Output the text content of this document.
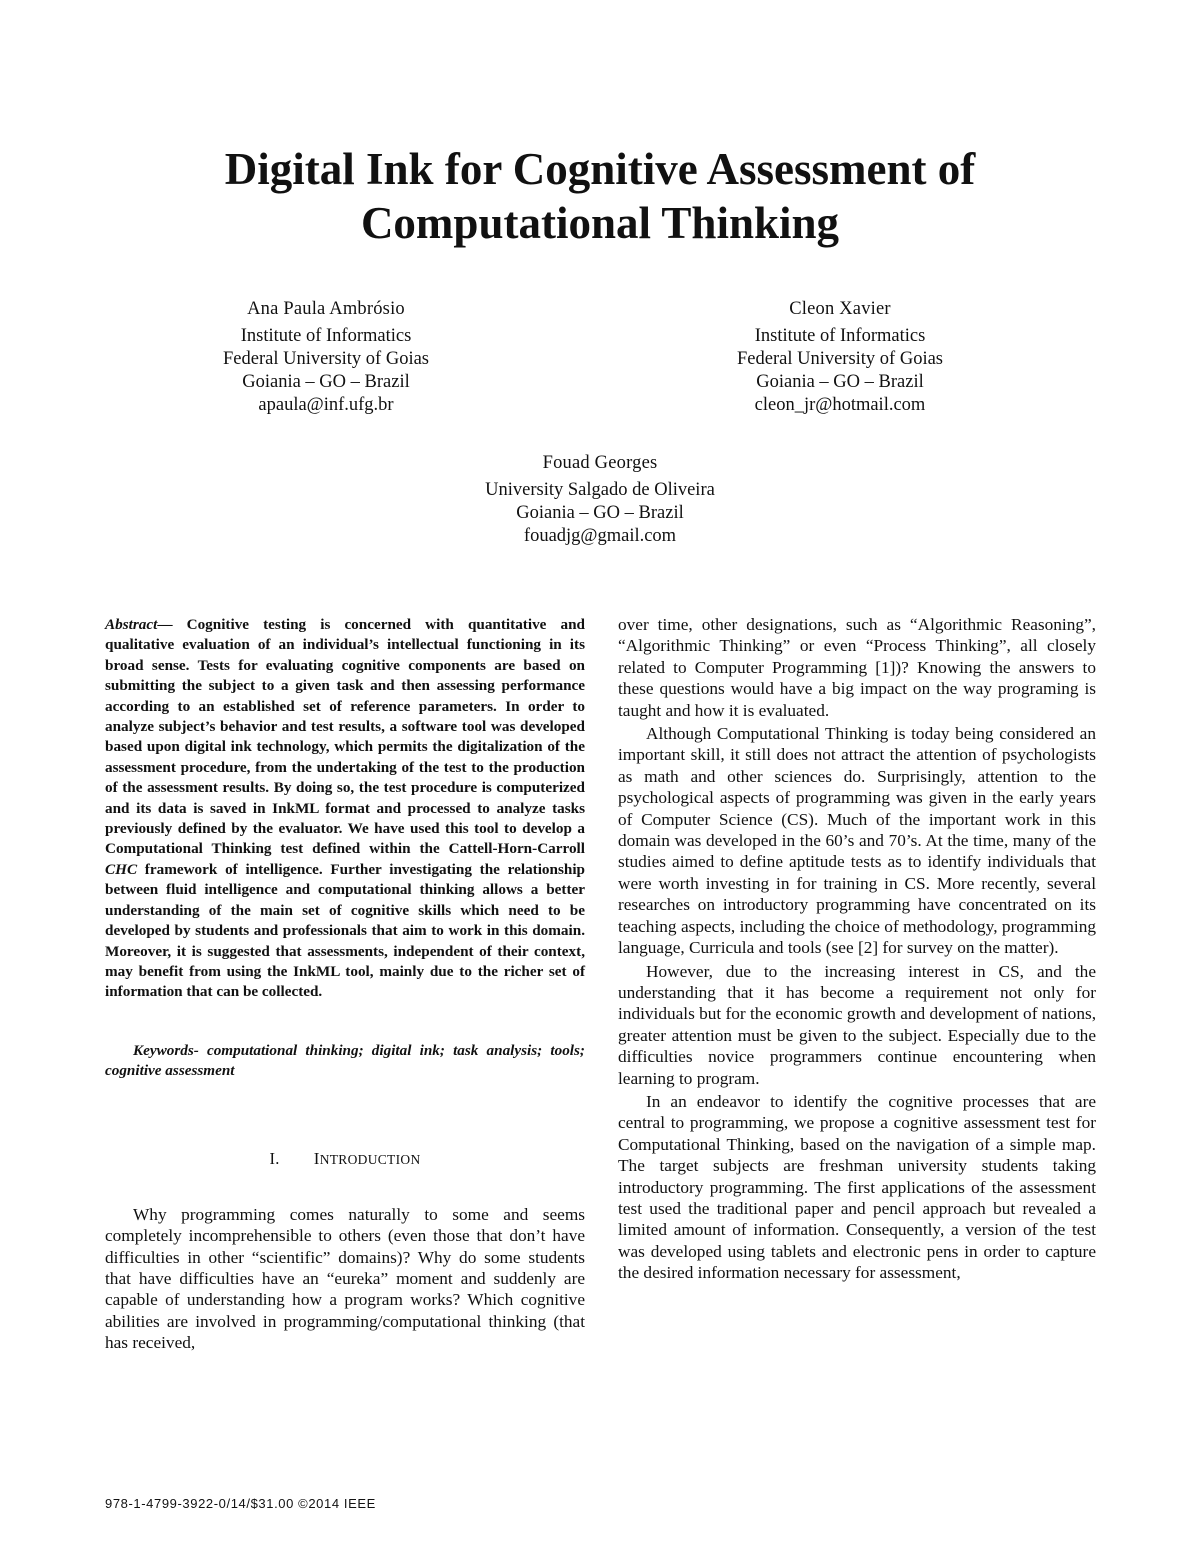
Digital Ink for Cognitive Assessment of
Computational Thinking
Ana Paula Ambrósio
Institute of Informatics
Federal University of Goias
Goiania – GO – Brazil
apaula@inf.ufg.br
Cleon Xavier
Institute of Informatics
Federal University of Goias
Goiania – GO – Brazil
cleon_jr@hotmail.com
Fouad Georges
University Salgado de Oliveira
Goiania – GO – Brazil
fouadjg@gmail.com
Abstract— Cognitive testing is concerned with quantitative and qualitative evaluation of an individual’s intellectual functioning in its broad sense. Tests for evaluating cognitive components are based on submitting the subject to a given task and then assessing performance according to an established set of reference parameters. In order to analyze subject’s behavior and test results, a software tool was developed based upon digital ink technology, which permits the digitalization of the assessment procedure, from the undertaking of the test to the production of the assessment results. By doing so, the test procedure is computerized and its data is saved in InkML format and processed to analyze tasks previously defined by the evaluator. We have used this tool to develop a Computational Thinking test defined within the Cattell-Horn-Carroll CHC framework of intelligence. Further investigating the relationship between fluid intelligence and computational thinking allows a better understanding of the main set of cognitive skills which need to be developed by students and professionals that aim to work in this domain. Moreover, it is suggested that assessments, independent of their context, may benefit from using the InkML tool, mainly due to the richer set of information that can be collected.
Keywords- computational thinking; digital ink; task analysis; tools; cognitive assessment
I. INTRODUCTION

Why programming comes naturally to some and seems completely incomprehensible to others (even those that don’t have difficulties in other “scientific” domains)? Why do some students that have difficulties have an “eureka” moment and suddenly are capable of understanding how a program works? Which cognitive abilities are involved in programming/computational thinking (that has received,

over time, other designations, such as “Algorithmic Reasoning”, “Algorithmic Thinking” or even “Process Thinking”, all closely related to Computer Programming [1])? Knowing the answers to these questions would have a big impact on the way programing is taught and how it is evaluated.

Although Computational Thinking is today being considered an important skill, it still does not attract the attention of psychologists as math and other sciences do. Surprisingly, attention to the psychological aspects of programming was given in the early years of Computer Science (CS). Much of the important work in this domain was developed in the 60’s and 70’s. At the time, many of the studies aimed to define aptitude tests as to identify individuals that were worth investing in for training in CS. More recently, several researches on introductory programming have concentrated on its teaching aspects, including the choice of methodology, programming language, Curricula and tools (see [2] for survey on the matter).

However, due to the increasing interest in CS, and the understanding that it has become a requirement not only for individuals but for the economic growth and development of nations, greater attention must be given to the subject. Especially due to the difficulties novice programmers continue encountering when learning to program.

In an endeavor to identify the cognitive processes that are central to programming, we propose a cognitive assessment test for Computational Thinking, based on the navigation of a simple map. The target subjects are freshman university students taking introductory programming. The first applications of the assessment test used the traditional paper and pencil approach but revealed a limited amount of information. Consequently, a version of the test was developed using tablets and electronic pens in order to capture the desired information necessary for assessment,

978-1-4799-3922-0/14/$31.00 ©2014 IEEE
